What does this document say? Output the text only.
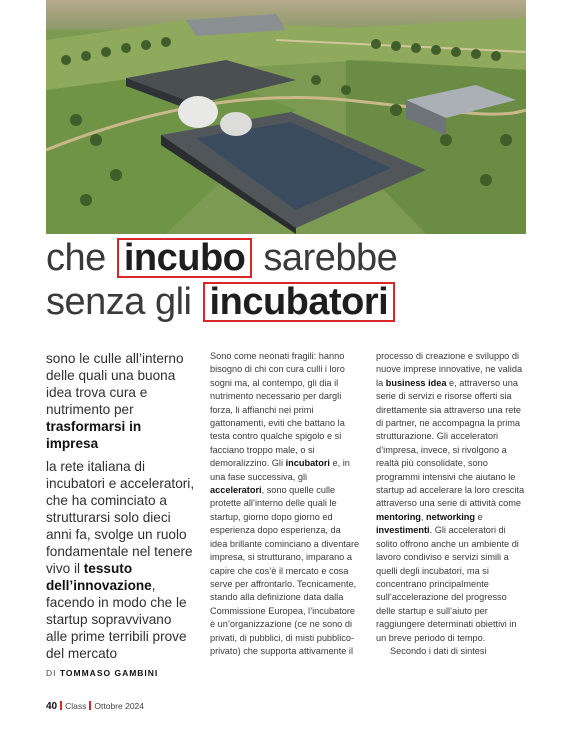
che incubo sarebbe
senza gli incubatori

sono le culle all’interno delle quali una buona idea trova cura e nutrimento per trasformarsi in impresa

la rete italiana di incubatori e acceleratori, che ha cominciato a strutturarsi solo dieci anni fa, svolge un ruolo fondamentale nel tenere vivo il tessuto dell’innovazione, facendo in modo che le startup sopravvivano alle prime terribili prove del mercato

DI TOMMASO GAMBINI

Sono come neonati fragili: hanno bisogno di chi con cura culli i loro sogni ma, al contempo, gli dia il nutrimento necessario per dargli forza, li affianchi nei primi gattonamenti, eviti che battano la testa contro qualche spigolo e si facciano troppo male, o si demoralizzino. Gli incubatori e, in una fase successiva, gli acceleratori, sono quelle culle protette all’interno delle quali le startup, giorno dopo giorno ed esperienza dopo esperienza, da idea brillante cominciano a diventare impresa, si strutturano, imparano a capire che cos’è il mercato e cosa serve per affrontarlo. Tecnicamente, stando alla definizione data dalla Commissione Europea, l’incubatore è un’organizzazione (ce ne sono di privati, di pubblici, di misti pubblico-privato) che supporta attivamente il

processo di creazione e sviluppo di nuove imprese innovative, ne valida la business idea e, attraverso una serie di servizi e risorse offerti sia direttamente sia attraverso una rete di partner, ne accompagna la prima strutturazione. Gli acceleratori d’impresa, invece, si rivolgono a realtà più consolidate, sono programmi intensivi che aiutano le startup ad accelerare la loro crescita attraverso una serie di attività come mentoring, networking e investimenti. Gli acceleratori di solito offrono anche un ambiente di lavoro condiviso e servizi simili a quelli degli incubatori, ma si concentrano principalmente sull’accelerazione del progresso delle startup e sull’aiuto per raggiungere determinati obiettivi in un breve periodo di tempo.

Secondo i dati di sintesi

40 Class Ottobre 2024
